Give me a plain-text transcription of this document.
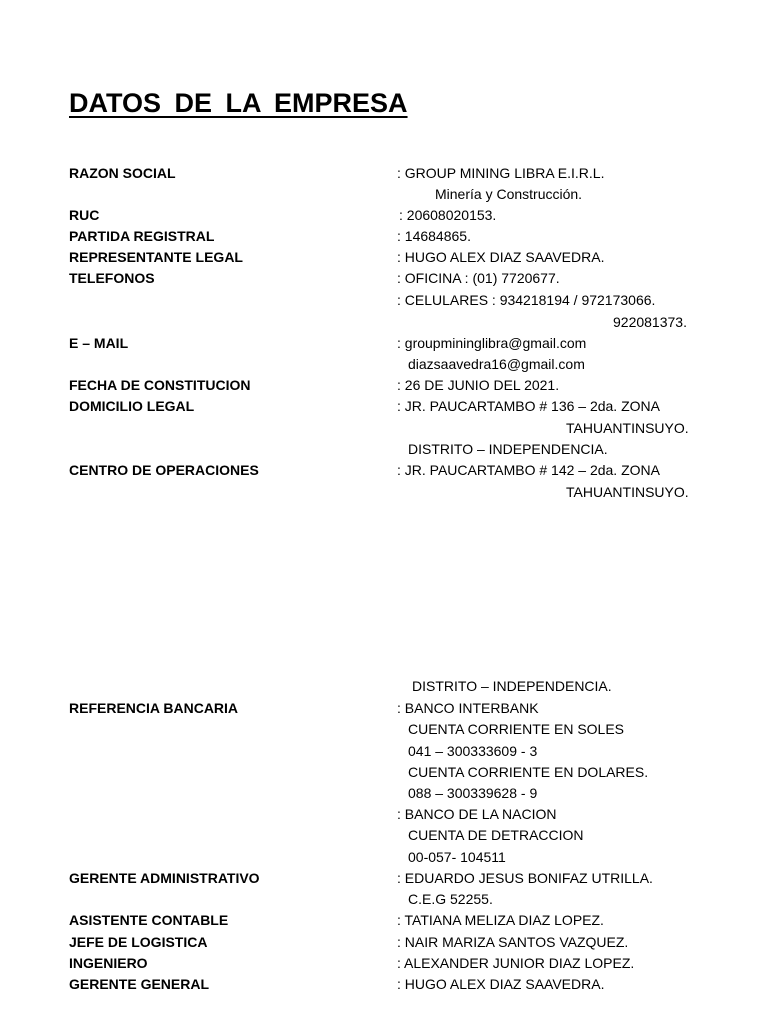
DATOS DE LA EMPRESA
RAZON SOCIAL	: GROUP MINING LIBRA E.I.R.L.
Minería y Construcción.
RUC	: 20608020153.
PARTIDA REGISTRAL	: 14684865.
REPRESENTANTE LEGAL	: HUGO ALEX DIAZ SAAVEDRA.
TELEFONOS	: OFICINA : (01) 7720677.
: CELULARES : 934218194 / 972173066.
922081373.
E – MAIL	: groupmininglibra@gmail.com
diazsaavedra16@gmail.com
FECHA DE CONSTITUCION	: 26 DE JUNIO DEL 2021.
DOMICILIO LEGAL	: JR. PAUCARTAMBO # 136 – 2da. ZONA
TAHUANTINSUYO.
DISTRITO – INDEPENDENCIA.
CENTRO DE OPERACIONES	: JR. PAUCARTAMBO # 142 – 2da. ZONA
TAHUANTINSUYO.
DISTRITO – INDEPENDENCIA.
REFERENCIA BANCARIA	: BANCO INTERBANK
CUENTA CORRIENTE EN SOLES
041 – 300333609 - 3
CUENTA CORRIENTE EN DOLARES.
088 – 300339628 - 9
: BANCO DE LA NACION
CUENTA DE DETRACCION
00-057- 104511
GERENTE ADMINISTRATIVO	: EDUARDO JESUS BONIFAZ UTRILLA.
C.E.G 52255.
ASISTENTE CONTABLE	: TATIANA MELIZA DIAZ LOPEZ.
JEFE DE LOGISTICA	: NAIR MARIZA SANTOS VAZQUEZ.
INGENIERO	: ALEXANDER JUNIOR DIAZ LOPEZ.
GERENTE GENERAL	: HUGO ALEX DIAZ SAAVEDRA.
